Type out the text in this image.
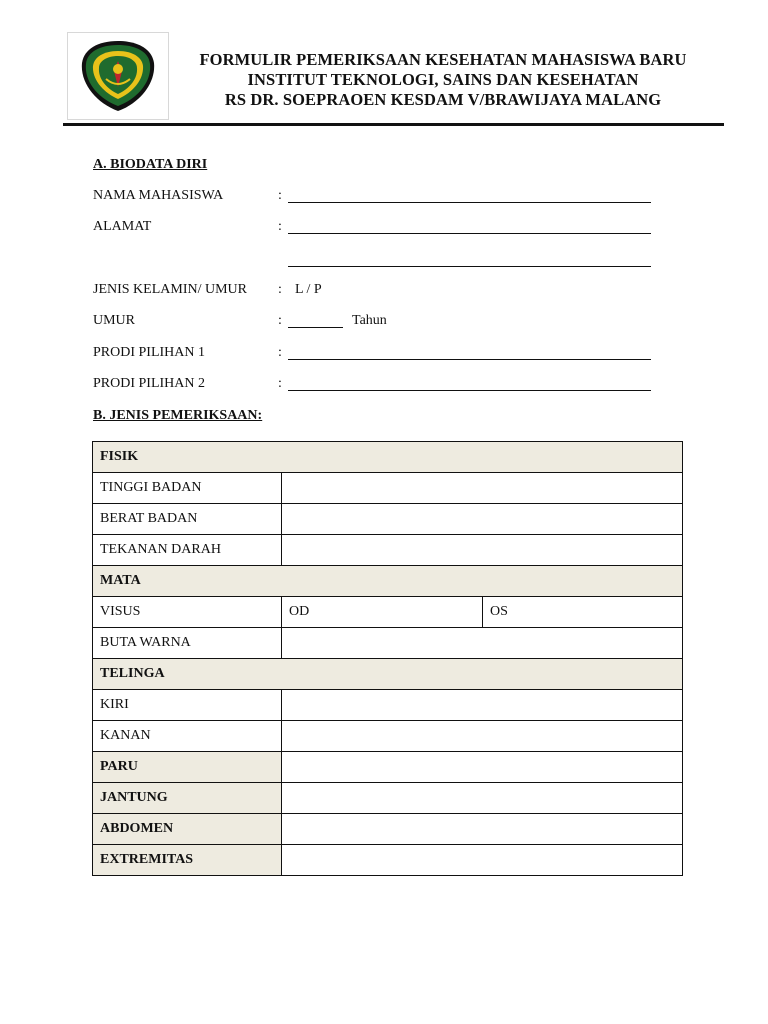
FORMULIR PEMERIKSAAN KESEHATAN MAHASISWA BARU
INSTITUT TEKNOLOGI, SAINS DAN KESEHATAN
RS DR. SOEPRAOEN KESDAM V/BRAWIJAYA MALANG
A. BIODATA DIRI
NAMA MAHASISWA	:
ALAMAT	:
JENIS KELAMIN/ UMUR : L / P
UMUR	:	Tahun
PRODI PILIHAN 1	:
PRODI PILIHAN 2	:
B. JENIS PEMERIKSAAN:
FISIK		
TINGGI BADAN		
BERAT BADAN		
TEKANAN DARAH		
MATA		
VISUS	OD	OS
BUTA WARNA		
TELINGA		
KIRI		
KANAN		
PARU		
JANTUNG		
ABDOMEN		
EXTREMITAS		
